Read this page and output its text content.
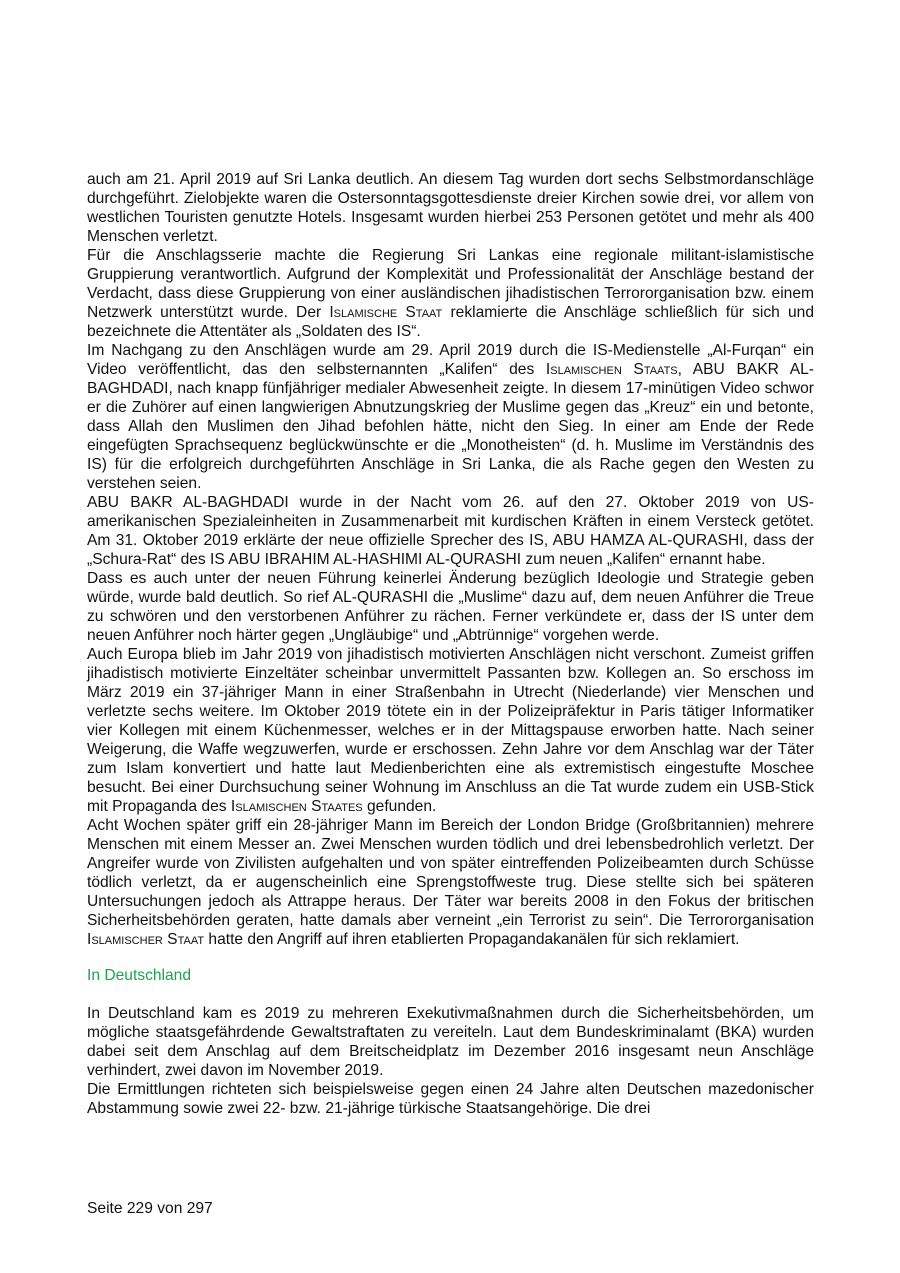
auch am 21. April 2019 auf Sri Lanka deutlich. An diesem Tag wurden dort sechs Selbstmordanschläge durchgeführt. Zielobjekte waren die Ostersonntagsgottesdienste dreier Kirchen sowie drei, vor allem von westlichen Touristen genutzte Hotels. Insgesamt wurden hierbei 253 Personen getötet und mehr als 400 Menschen verletzt.

Für die Anschlagsserie machte die Regierung Sri Lankas eine regionale militant-islamistische Gruppierung verantwortlich. Aufgrund der Komplexität und Professionalität der Anschläge bestand der Verdacht, dass diese Gruppierung von einer ausländischen jihadistischen Terrororganisation bzw. einem Netzwerk unterstützt wurde. Der Islamische Staat reklamierte die Anschläge schließlich für sich und bezeichnete die Attentäter als „Soldaten des IS“.

Im Nachgang zu den Anschlägen wurde am 29. April 2019 durch die IS-Medienstelle „Al-Furqan“ ein Video veröffentlicht, das den selbsternannten „Kalifen“ des Islamischen Staats, ABU BAKR AL-BAGHDADI, nach knapp fünfjähriger medialer Abwesenheit zeigte. In diesem 17-minütigen Video schwor er die Zuhörer auf einen langwierigen Abnutzungskrieg der Muslime gegen das „Kreuz“ ein und betonte, dass Allah den Muslimen den Jihad befohlen hätte, nicht den Sieg. In einer am Ende der Rede eingefügten Sprachsequenz beglückwünschte er die „Monotheisten“ (d. h. Muslime im Verständnis des IS) für die erfolgreich durchgeführten Anschläge in Sri Lanka, die als Rache gegen den Westen zu verstehen seien.

ABU BAKR AL-BAGHDADI wurde in der Nacht vom 26. auf den 27. Oktober 2019 von US-amerikanischen Spezialeinheiten in Zusammenarbeit mit kurdischen Kräften in einem Versteck getötet. Am 31. Oktober 2019 erklärte der neue offizielle Sprecher des IS, ABU HAMZA AL-QURASHI, dass der „Schura-Rat“ des IS ABU IBRAHIM AL-HASHIMI AL-QURASHI zum neuen „Kalifen“ ernannt habe.

Dass es auch unter der neuen Führung keinerlei Änderung bezüglich Ideologie und Strategie geben würde, wurde bald deutlich. So rief AL-QURASHI die „Muslime“ dazu auf, dem neuen Anführer die Treue zu schwören und den verstorbenen Anführer zu rächen. Ferner verkündete er, dass der IS unter dem neuen Anführer noch härter gegen „Ungläubige“ und „Abtrünnige“ vorgehen werde.

Auch Europa blieb im Jahr 2019 von jihadistisch motivierten Anschlägen nicht verschont. Zumeist griffen jihadistisch motivierte Einzeltäter scheinbar unvermittelt Passanten bzw. Kollegen an. So erschoss im März 2019 ein 37-jähriger Mann in einer Straßenbahn in Utrecht (Niederlande) vier Menschen und verletzte sechs weitere. Im Oktober 2019 tötete ein in der Polizeipräfektur in Paris tätiger Informatiker vier Kollegen mit einem Küchenmesser, welches er in der Mittagspause erworben hatte. Nach seiner Weigerung, die Waffe wegzuwerfen, wurde er erschossen. Zehn Jahre vor dem Anschlag war der Täter zum Islam konvertiert und hatte laut Medienberichten eine als extremistisch eingestufte Moschee besucht. Bei einer Durchsuchung seiner Wohnung im Anschluss an die Tat wurde zudem ein USB-Stick mit Propaganda des Islamischen Staates gefunden.

Acht Wochen später griff ein 28-jähriger Mann im Bereich der London Bridge (Großbritannien) mehrere Menschen mit einem Messer an. Zwei Menschen wurden tödlich und drei lebensbedrohlich verletzt. Der Angreifer wurde von Zivilisten aufgehalten und von später eintreffenden Polizeibeamten durch Schüsse tödlich verletzt, da er augenscheinlich eine Sprengstoffweste trug. Diese stellte sich bei späteren Untersuchungen jedoch als Attrappe heraus. Der Täter war bereits 2008 in den Fokus der britischen Sicherheitsbehörden geraten, hatte damals aber verneint „ein Terrorist zu sein“. Die Terrororganisation Islamischer Staat hatte den Angriff auf ihren etablierten Propagandakanälen für sich reklamiert.

In Deutschland

In Deutschland kam es 2019 zu mehreren Exekutivmaßnahmen durch die Sicherheitsbehörden, um mögliche staatsgefährdende Gewaltstraftaten zu vereiteln. Laut dem Bundeskriminalamt (BKA) wurden dabei seit dem Anschlag auf dem Breitscheidplatz im Dezember 2016 insgesamt neun Anschläge verhindert, zwei davon im November 2019.

Die Ermittlungen richteten sich beispielsweise gegen einen 24 Jahre alten Deutschen mazedonischer Abstammung sowie zwei 22- bzw. 21-jährige türkische Staatsangehörige. Die drei

Seite 229 von 297
